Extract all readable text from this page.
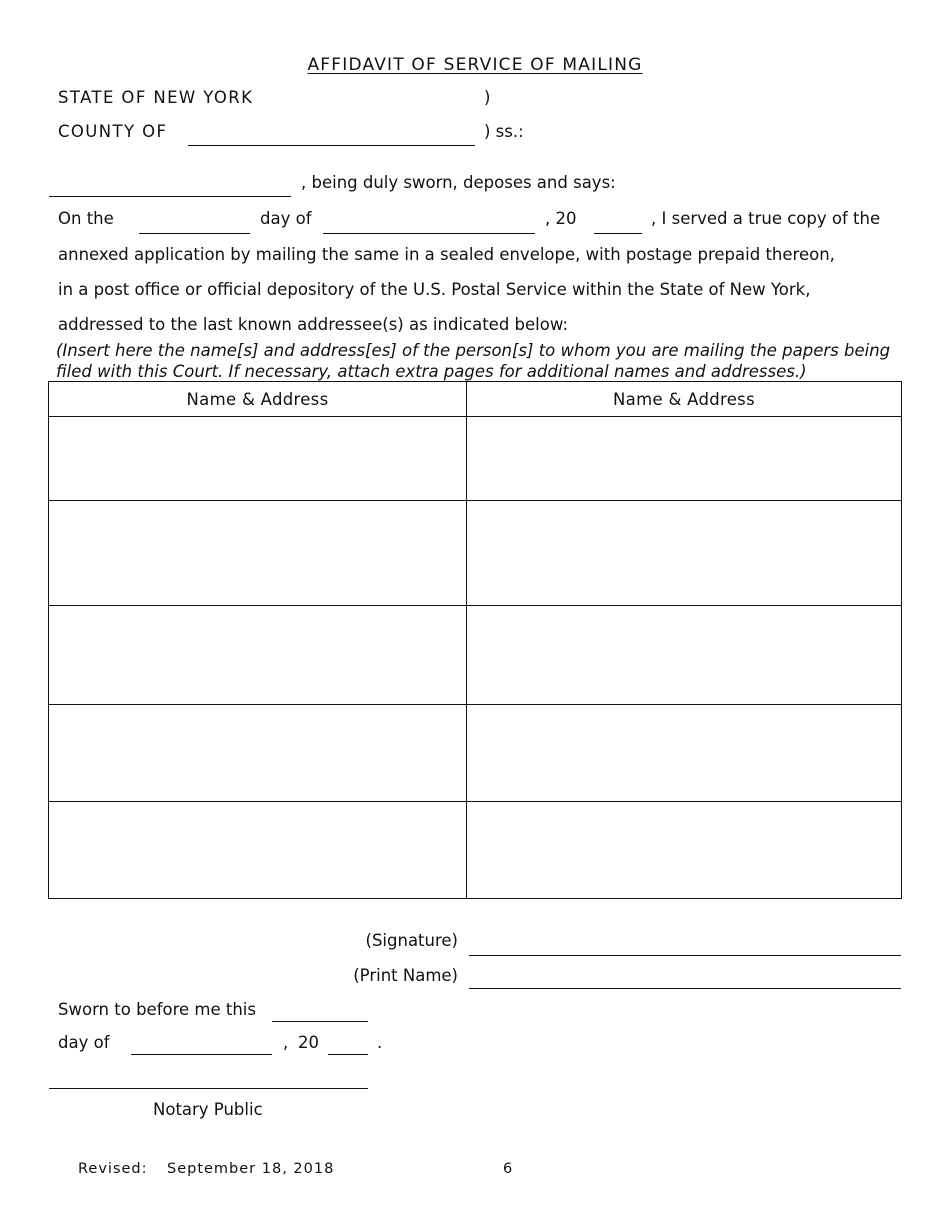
AFFIDAVIT OF SERVICE OF MAILING
STATE OF NEW YORK	)
COUNTY OF	) ss.:
, being duly sworn, deposes and says:
On the	day of	, 20	, I served a true copy of the
annexed application by mailing the same in a sealed envelope, with postage prepaid thereon,
in a post office or official depository of the U.S. Postal Service within the State of New York,
addressed to the last known addressee(s) as indicated below:
(Insert here the name[s] and address[es] of the person[s] to whom you are mailing the papers being filed with this Court. If necessary, attach extra pages for additional names and addresses.)
Name & Address	Name & Address

(Signature)
(Print Name)
Sworn to before me this
day of	, 20	.
Notary Public
Revised: September 18, 2018	6
